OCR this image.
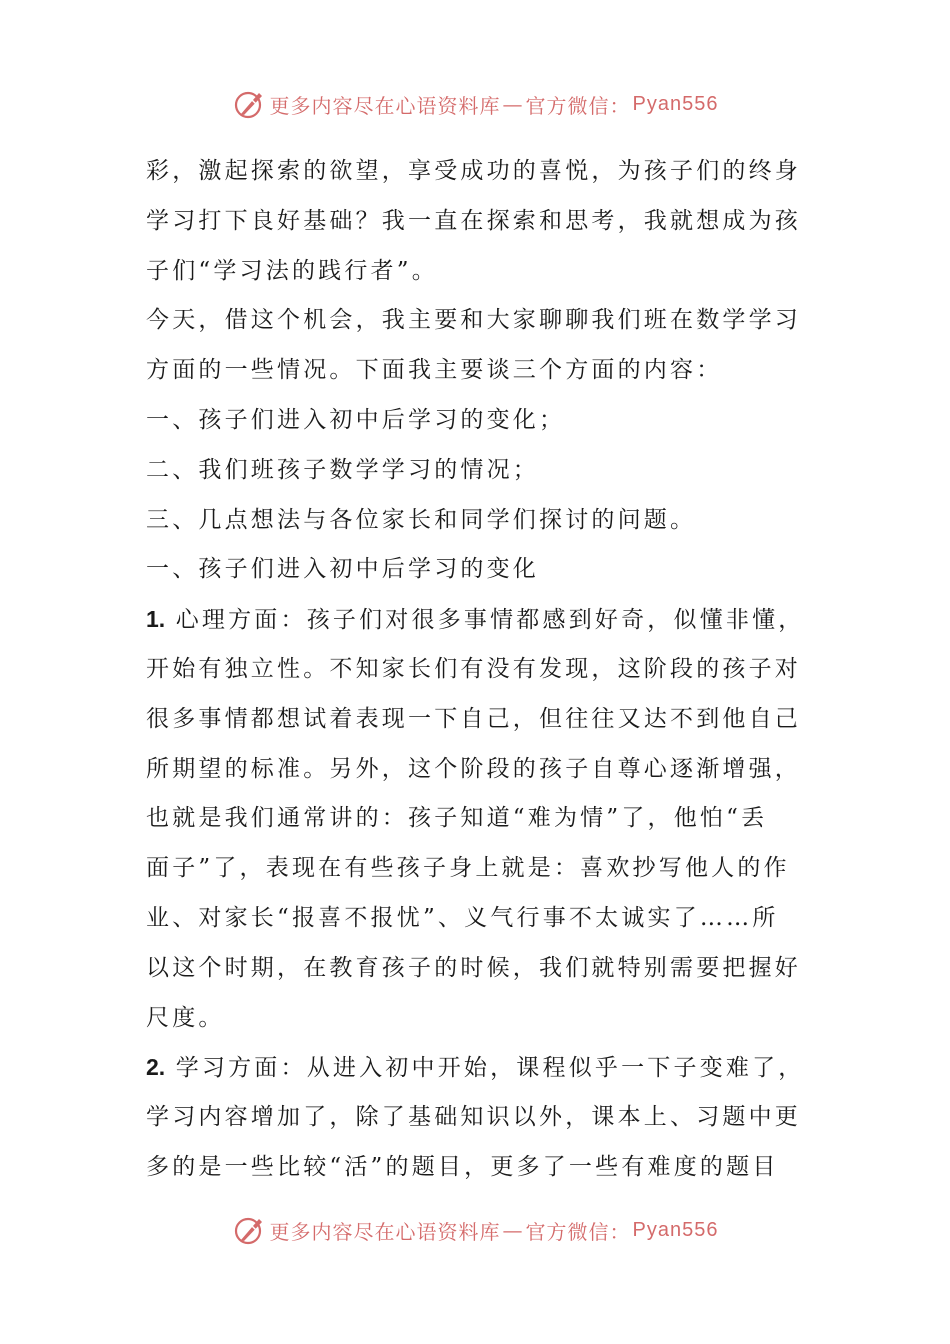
更多内容尽在心语资料库 — 官方微信： Pyan556
彩，激起探索的欲望，享受成功的喜悦，为孩子们的终身
学习打下良好基础？我一直在探索和思考，我就想成为孩
子们“学习法的践行者”。
今天，借这个机会，我主要和大家聊聊我们班在数学学习
方面的一些情况。下面我主要谈三个方面的内容：
一、孩子们进入初中后学习的变化；
二、我们班孩子数学学习的情况；
三、几点想法与各位家长和同学们探讨的问题。
一、孩子们进入初中后学习的变化
1. 心理方面：孩子们对很多事情都感到好奇，似懂非懂，
开始有独立性。不知家长们有没有发现，这阶段的孩子对
很多事情都想试着表现一下自己，但往往又达不到他自己
所期望的标准。另外，这个阶段的孩子自尊心逐渐增强，
也就是我们通常讲的：孩子知道“难为情”了，他怕“丢
面子”了，表现在有些孩子身上就是：喜欢抄写他人的作
业、对家长“报喜不报忧”、义气行事不太诚实了……所
以这个时期，在教育孩子的时候，我们就特别需要把握好
尺度。
2. 学习方面：从进入初中开始，课程似乎一下子变难了，
学习内容增加了，除了基础知识以外，课本上、习题中更
多的是一些比较“活”的题目，更多了一些有难度的题目
更多内容尽在心语资料库 — 官方微信： Pyan556
